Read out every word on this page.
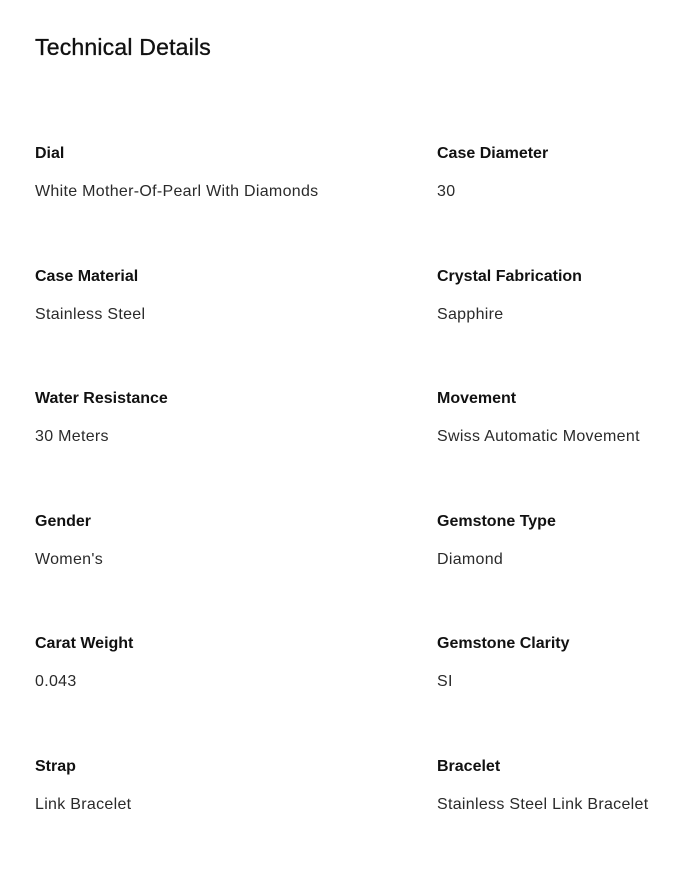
Technical Details
Dial
White Mother-Of-Pearl With Diamonds
Case Diameter
30
Case Material
Stainless Steel
Crystal Fabrication
Sapphire
Water Resistance
30 Meters
Movement
Swiss Automatic Movement
Gender
Women's
Gemstone Type
Diamond
Carat Weight
0.043
Gemstone Clarity
SI
Strap
Link Bracelet
Bracelet
Stainless Steel Link Bracelet
